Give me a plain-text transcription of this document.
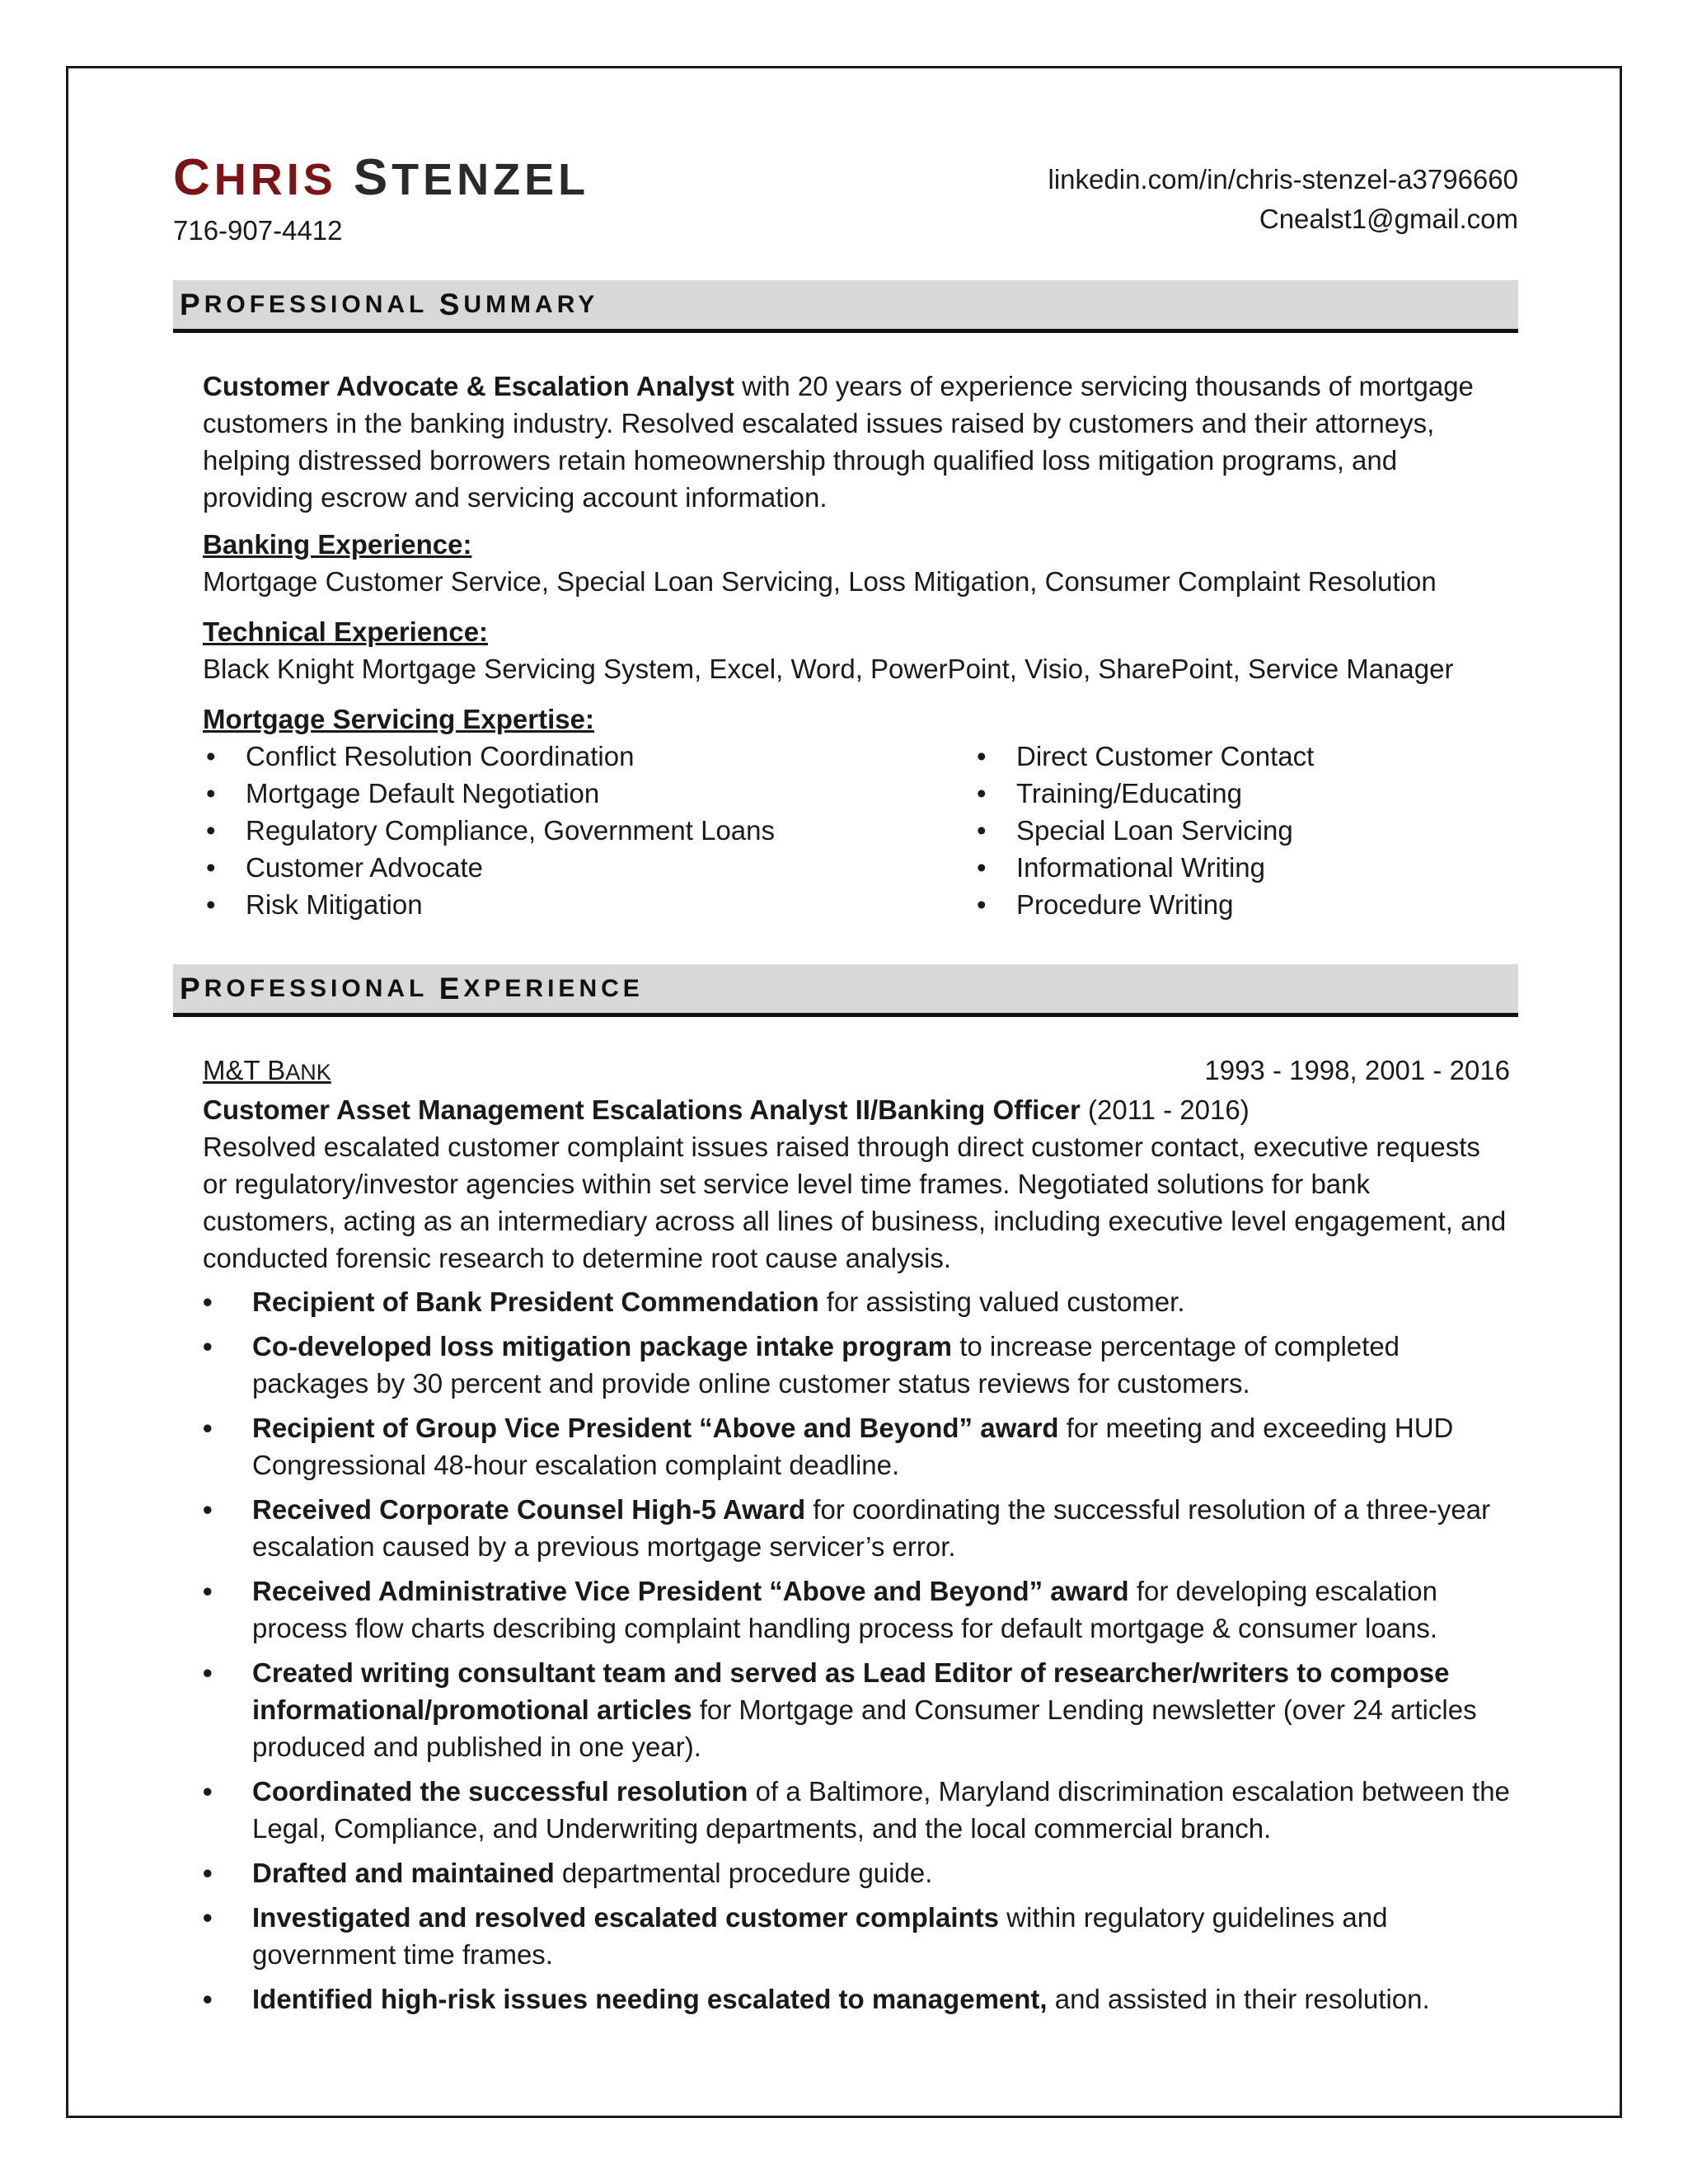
CHRIS STENZEL
716-907-4412
linkedin.com/in/chris-stenzel-a3796660
Cnealst1@gmail.com
P ROFESSIONAL
S UMMARY
Customer Advocate & Escalation Analyst with 20 years of experience servicing thousands of mortgage customers in the banking industry. Resolved escalated issues raised by customers and their attorneys, helping distressed borrowers retain homeownership through qualified loss mitigation programs, and providing escrow and servicing account information.
Banking Experience:
Mortgage Customer Service, Special Loan Servicing, Loss Mitigation, Consumer Complaint Resolution
Technical Experience:
Black Knight Mortgage Servicing System, Excel, Word, PowerPoint, Visio, SharePoint, Service Manager
Mortgage Servicing Expertise:
• Conflict Resolution Coordination
• Mortgage Default Negotiation
• Regulatory Compliance, Government Loans
• Customer Advocate
• Risk Mitigation
• Direct Customer Contact
• Training/Educating
• Special Loan Servicing
• Informational Writing
• Procedure Writing
P ROFESSIONAL
E XPERIENCE
M&T BANK	1993 - 1998, 2001 - 2016
Customer Asset Management Escalations Analyst II/Banking Officer (2011 - 2016)
Resolved escalated customer complaint issues raised through direct customer contact, executive requests or regulatory/investor agencies within set service level time frames. Negotiated solutions for bank customers, acting as an intermediary across all lines of business, including executive level engagement, and conducted forensic research to determine root cause analysis.
• Recipient of Bank President Commendation for assisting valued customer.
• Co-developed loss mitigation package intake program to increase percentage of completed packages by 30 percent and provide online customer status reviews for customers.
• Recipient of Group Vice President “Above and Beyond” award for meeting and exceeding HUD Congressional 48-hour escalation complaint deadline.
• Received Corporate Counsel High-5 Award for coordinating the successful resolution of a three-year escalation caused by a previous mortgage servicer’s error.
• Received Administrative Vice President “Above and Beyond” award for developing escalation process flow charts describing complaint handling process for default mortgage & consumer loans.
• Created writing consultant team and served as Lead Editor of researcher/writers to compose informational/promotional articles for Mortgage and Consumer Lending newsletter (over 24 articles produced and published in one year).
• Coordinated the successful resolution of a Baltimore, Maryland discrimination escalation between the Legal, Compliance, and Underwriting departments, and the local commercial branch.
• Drafted and maintained departmental procedure guide.
• Investigated and resolved escalated customer complaints within regulatory guidelines and government time frames.
• Identified high-risk issues needing escalated to management, and assisted in their resolution.
